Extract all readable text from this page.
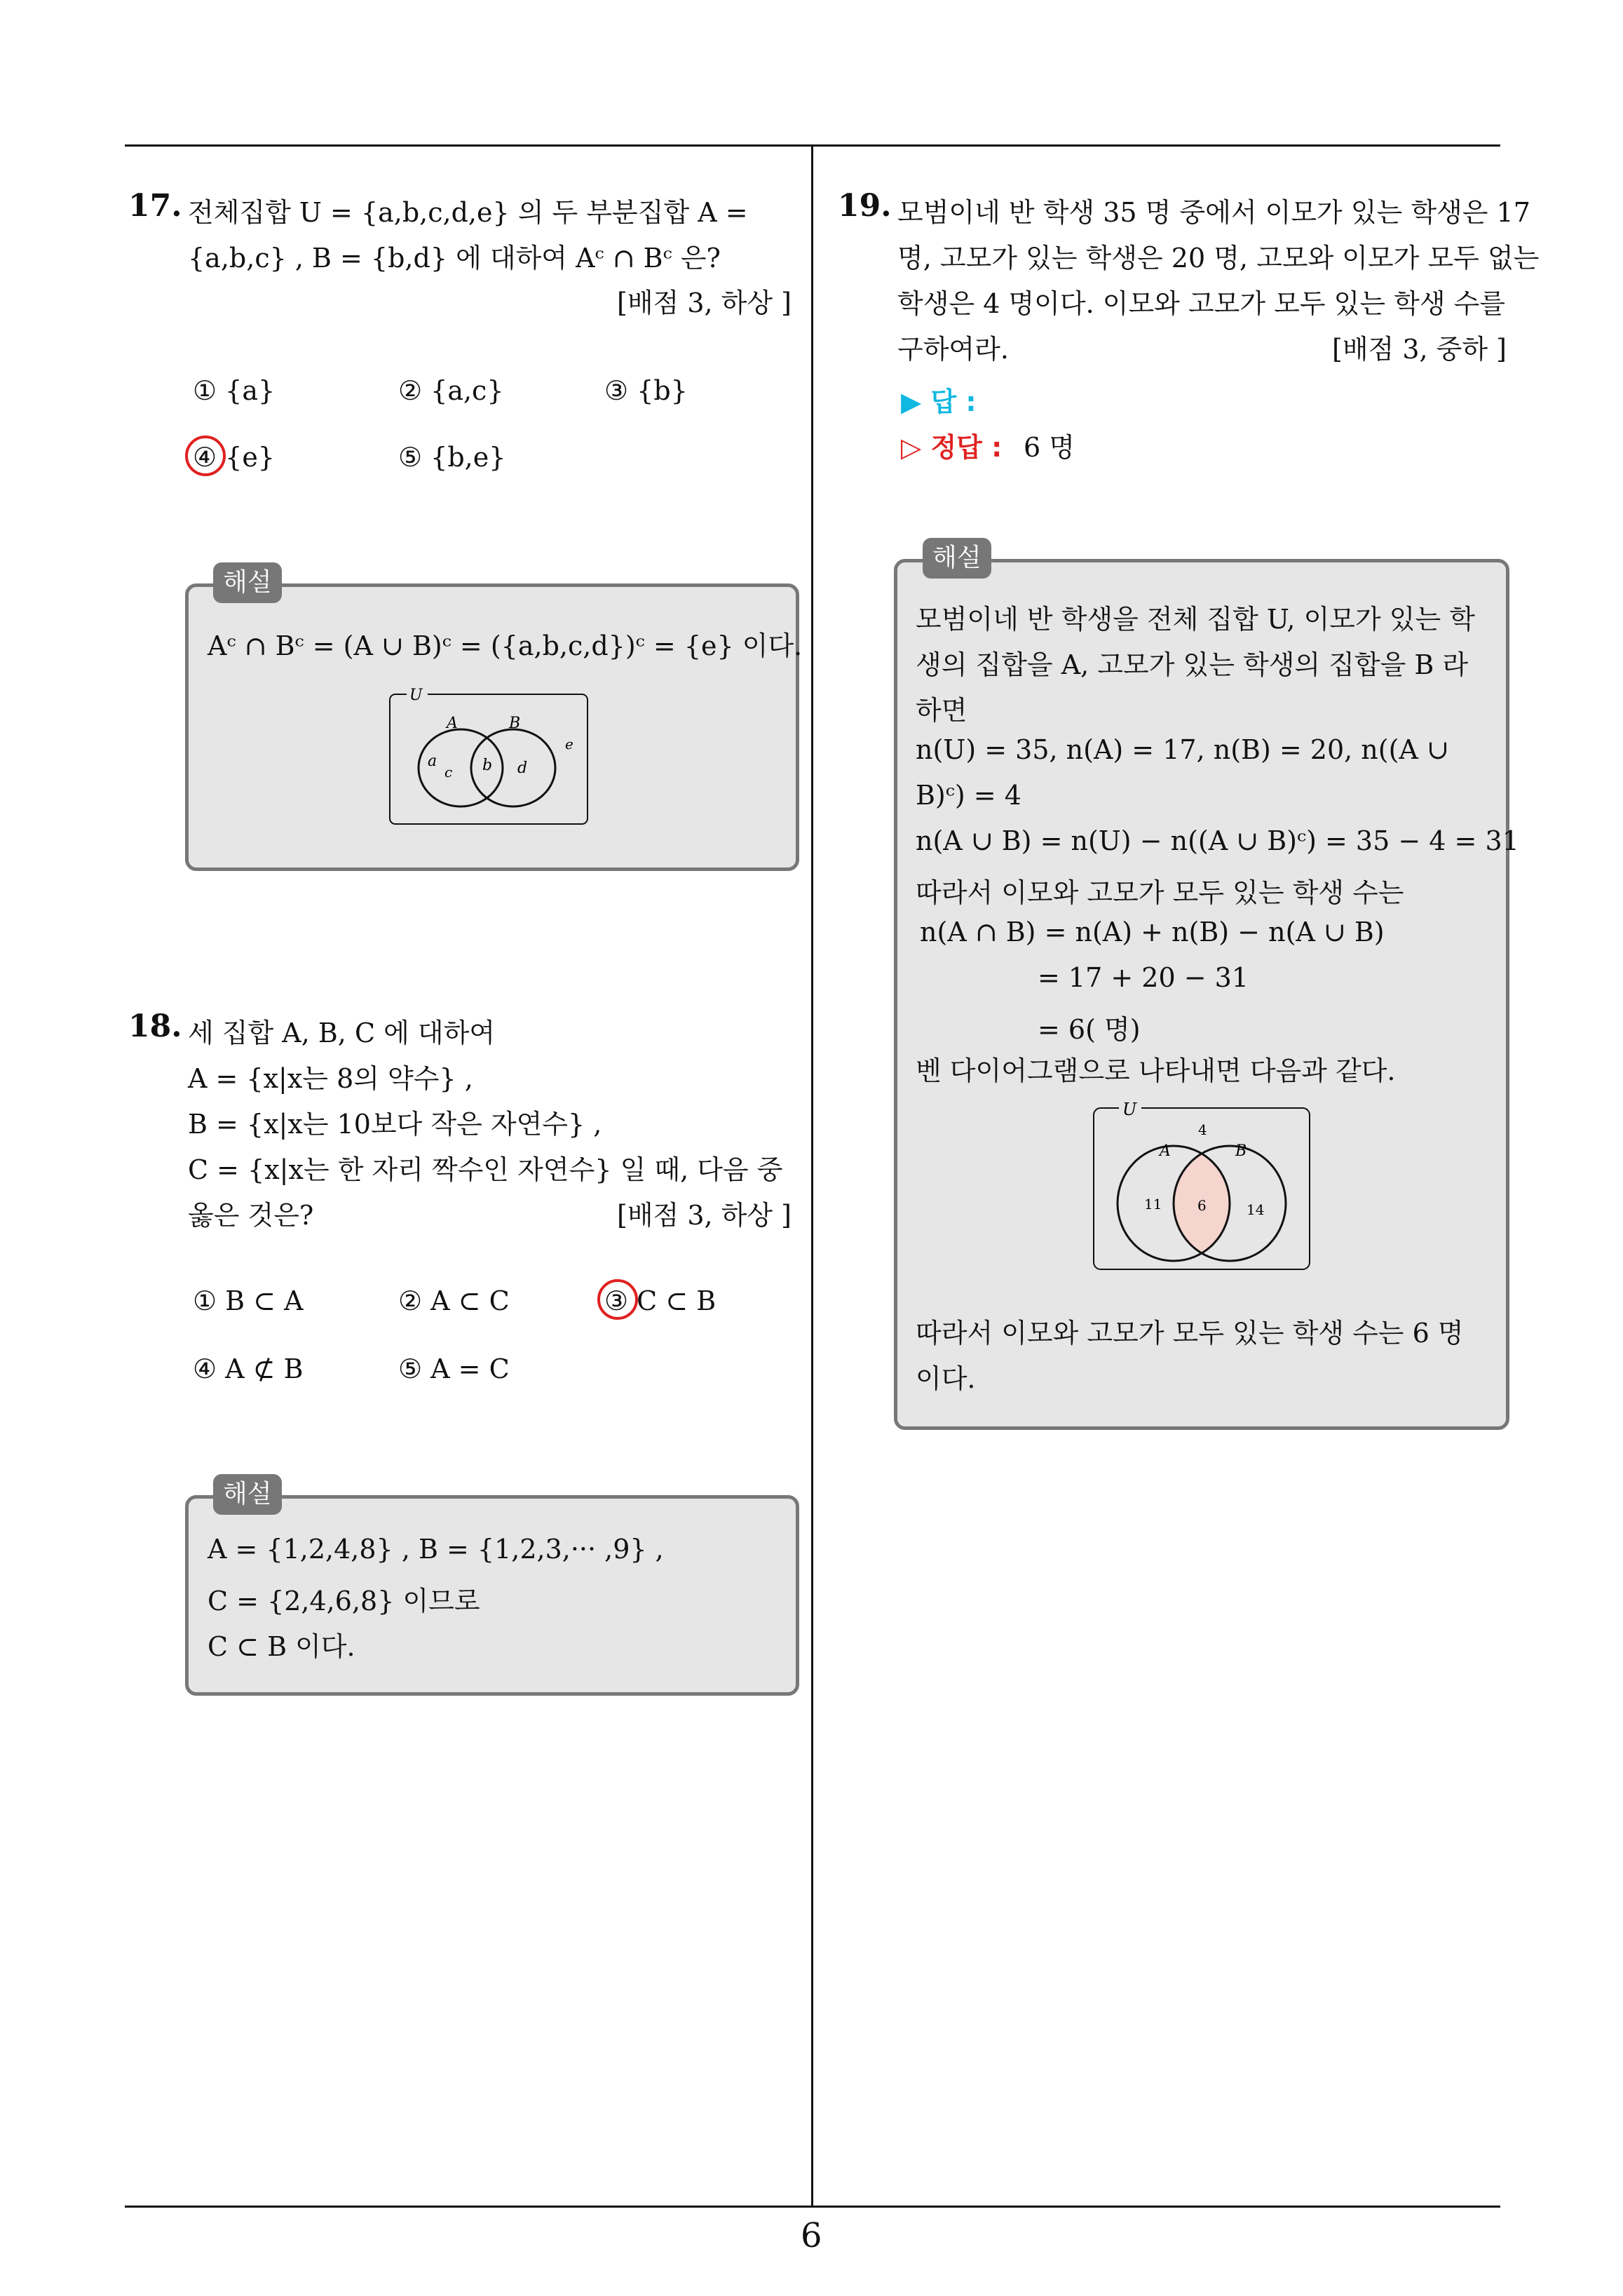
6
17. 전체집합 U = {a,b,c,d,e} 의 두 부분집합 A =
{a,b,c} , B = {b,d} 에 대하여 Aᶜ ∩ Bᶜ 은?
[배점 3, 하상 ]
① {a}	② {a,c}	③ {b}
④ {e}	⑤ {b,e}
해설
Aᶜ ∩ Bᶜ = (A ∪ B)ᶜ = ({a,b,c,d})ᶜ = {e} 이다.
U
A	B
a
c b d
e
18. 세 집합 A, B, C 에 대하여
A = {x|x는 8의 약수} ,
B = {x|x는 10보다 작은 자연수} ,
C = {x|x는 한 자리 짝수인 자연수} 일 때, 다음 중
옳은 것은?	[배점 3, 하상 ]
① B ⊂ A	② A ⊂ C	③ C ⊂ B
④ A ⊄ B	⑤ A = C
해설
A = {1,2,4,8} , B = {1,2,3,··· ,9} ,
C = {2,4,6,8} 이므로
C ⊂ B 이다.
19. 모범이네 반 학생 35 명 중에서 이모가 있는 학생은 17
명, 고모가 있는 학생은 20 명, 고모와 이모가 모두 없는
학생은 4 명이다. 이모와 고모가 모두 있는 학생 수를
구하여라.	[배점 3, 중하 ]
▶ 답 :
▷ 정답 : 6 명
해설
모범이네 반 학생을 전체 집합 U, 이모가 있는 학
생의 집합을 A, 고모가 있는 학생의 집합을 B 라
하면
n(U) = 35, n(A) = 17, n(B) = 20, n((A ∪
B)ᶜ) = 4
n(A ∪ B) = n(U) − n((A ∪ B)ᶜ) = 35 − 4 = 31
따라서 이모와 고모가 모두 있는 학생 수는
n(A ∩ B) = n(A) + n(B) − n(A ∪ B)
= 17 + 20 − 31
= 6( 명)
벤 다이어그램으로 나타내면 다음과 같다.
U
A	B
4
11	6	14
따라서 이모와 고모가 모두 있는 학생 수는 6 명
이다.
